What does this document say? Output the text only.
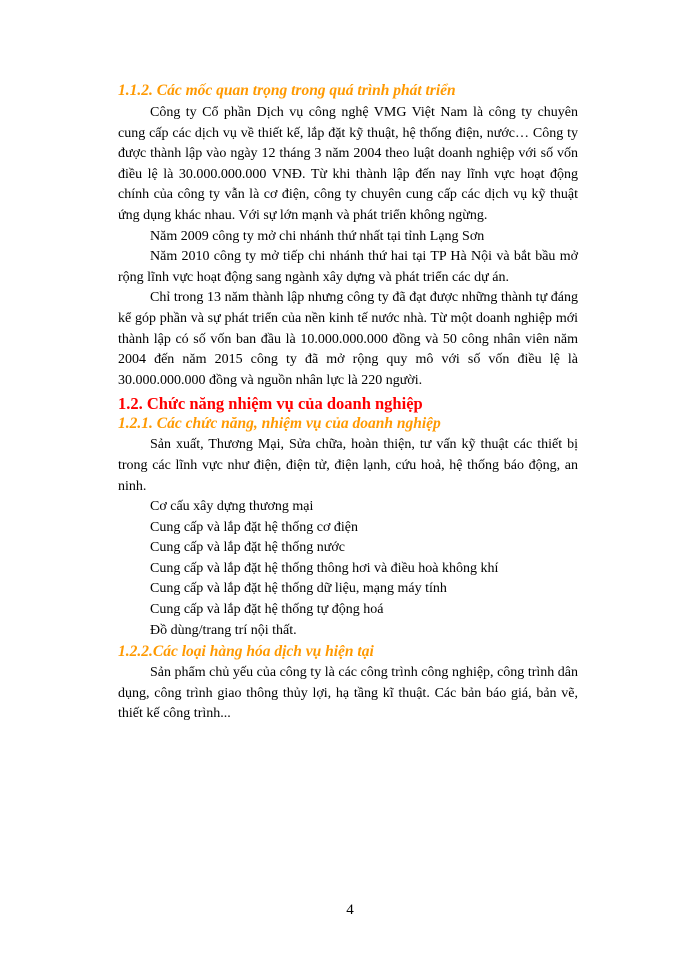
1.1.2. Các mốc quan trọng trong quá trình phát triển

Công ty Cổ phần Dịch vụ công nghệ VMG Việt Nam là công ty chuyên cung cấp các dịch vụ về thiết kế, lắp đặt kỹ thuật, hệ thống điện, nước… Công ty được thành lập vào ngày 12 tháng 3 năm 2004 theo luật doanh nghiệp với số vốn điều lệ là 30.000.000.000 VNĐ. Từ khi thành lập đến nay lĩnh vực hoạt động chính của công ty vẫn là cơ điện, công ty chuyên cung cấp các dịch vụ kỹ thuật ứng dụng khác nhau. Với sự lớn mạnh và phát triển không ngừng.

Năm 2009 công ty mở chi nhánh thứ nhất tại tỉnh Lạng Sơn

Năm 2010 công ty mở tiếp chi nhánh thứ hai tại TP Hà Nội và bắt bầu mở rộng lĩnh vực hoạt động sang ngành xây dựng và phát triển các dự án.

Chỉ trong 13 năm thành lập nhưng công ty đã đạt được những thành tự đáng kể góp phần và sự phát triển của nền kinh tế nước nhà. Từ một doanh nghiệp mới thành lập có số vốn ban đầu là 10.000.000.000 đồng và 50 công nhân viên năm 2004 đến năm 2015 công ty đã mở rộng quy mô với số vốn điều lệ là 30.000.000.000 đồng và nguồn nhân lực là 220 người.

1.2. Chức năng nhiệm vụ của doanh nghiệp

1.2.1. Các chức năng, nhiệm vụ của doanh nghiệp

Sản xuất, Thương Mại, Sửa chữa, hoàn thiện, tư vấn kỹ thuật các thiết bị trong các lĩnh vực như điện, điện tử, điện lạnh, cứu hoả, hệ thống báo động, an ninh.

Cơ cấu xây dựng thương mại

Cung cấp và lắp đặt hệ thống cơ điện

Cung cấp và lắp đặt hệ thống nước

Cung cấp và lắp đặt hệ thống thông hơi và điều hoà không khí

Cung cấp và lắp đặt hệ thống dữ liệu, mạng máy tính

Cung cấp và lắp đặt hệ thống tự động hoá

Đồ dùng/trang trí nội thất.

1.2.2.Các loại hàng hóa dịch vụ hiện tại

Sản phẩm chủ yếu của công ty là các công trình công nghiệp, công trình dân dụng, công trình giao thông thủy lợi, hạ tầng kĩ thuật. Các bản báo giá, bản vẽ, thiết kế công trình...

4
